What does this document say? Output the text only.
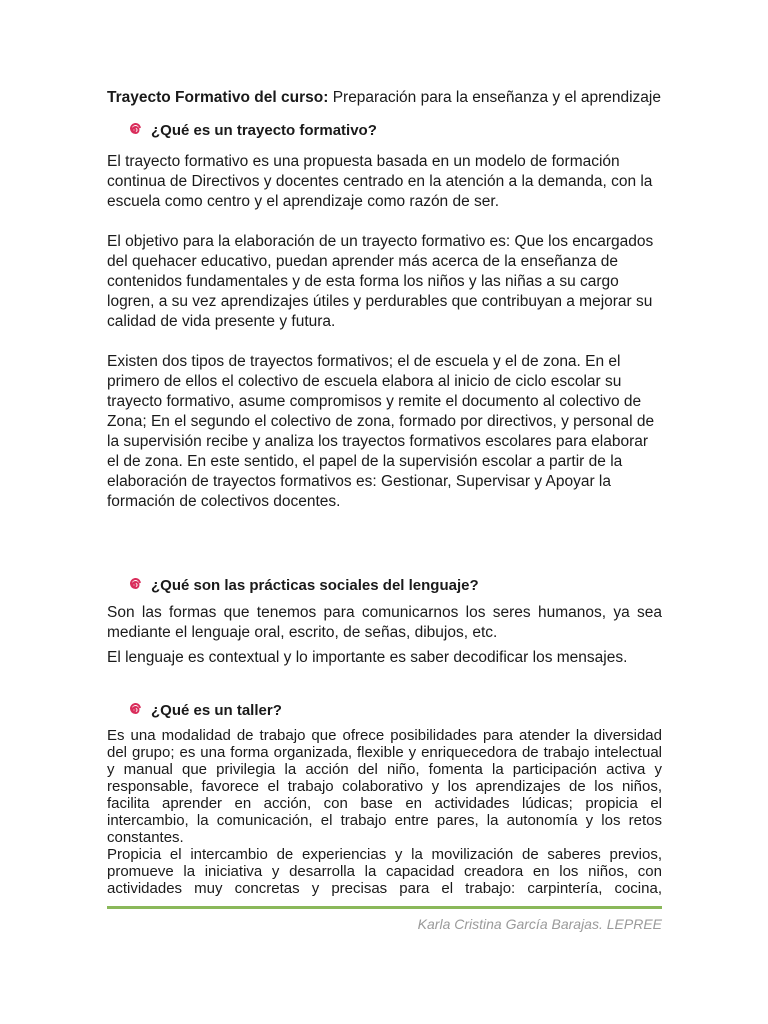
Trayecto Formativo del curso: Preparación para la enseñanza y el aprendizaje
¿Qué es un trayecto formativo?

El trayecto formativo es una propuesta basada en un modelo de formación continua de Directivos y docentes centrado en la atención a la demanda, con la escuela como centro y el aprendizaje como razón de ser.

El objetivo para la elaboración de un trayecto formativo es: Que los encargados del quehacer educativo, puedan aprender más acerca de la enseñanza de contenidos fundamentales y de esta forma los niños y las niñas a su cargo logren, a su vez aprendizajes útiles y perdurables que contribuyan a mejorar su calidad de vida presente y futura.

Existen dos tipos de trayectos formativos; el de escuela y el de zona. En el primero de ellos el colectivo de escuela elabora al inicio de ciclo escolar su trayecto formativo, asume compromisos y remite el documento al colectivo de Zona; En el segundo el colectivo de zona, formado por directivos, y personal de la supervisión recibe y analiza los trayectos formativos escolares para elaborar el de zona. En este sentido, el papel de la supervisión escolar a partir de la elaboración de trayectos formativos es: Gestionar, Supervisar y Apoyar la formación de colectivos docentes.

¿Qué son las prácticas sociales del lenguaje?

Son las formas que tenemos para comunicarnos los seres humanos, ya sea
mediante el lenguaje oral, escrito, de señas, dibujos, etc.

El lenguaje es contextual y lo importante es saber decodificar los mensajes.

¿Qué es un taller?

Es una modalidad de trabajo que ofrece posibilidades para atender la diversidad
del grupo; es una forma organizada, flexible y enriquecedora de trabajo intelectual
y manual que privilegia la acción del niño, fomenta la participación activa y
responsable, favorece el trabajo colaborativo y los aprendizajes de los niños,
facilita aprender en acción, con base en actividades lúdicas; propicia el
intercambio, la comunicación, el trabajo entre pares, la autonomía y los retos
constantes.
Propicia el intercambio de experiencias y la movilización de saberes previos,
promueve la iniciativa y desarrolla la capacidad creadora en los niños, con
actividades muy concretas y precisas para el trabajo: carpintería, cocina,

Karla Cristina García Barajas. LEPREE
